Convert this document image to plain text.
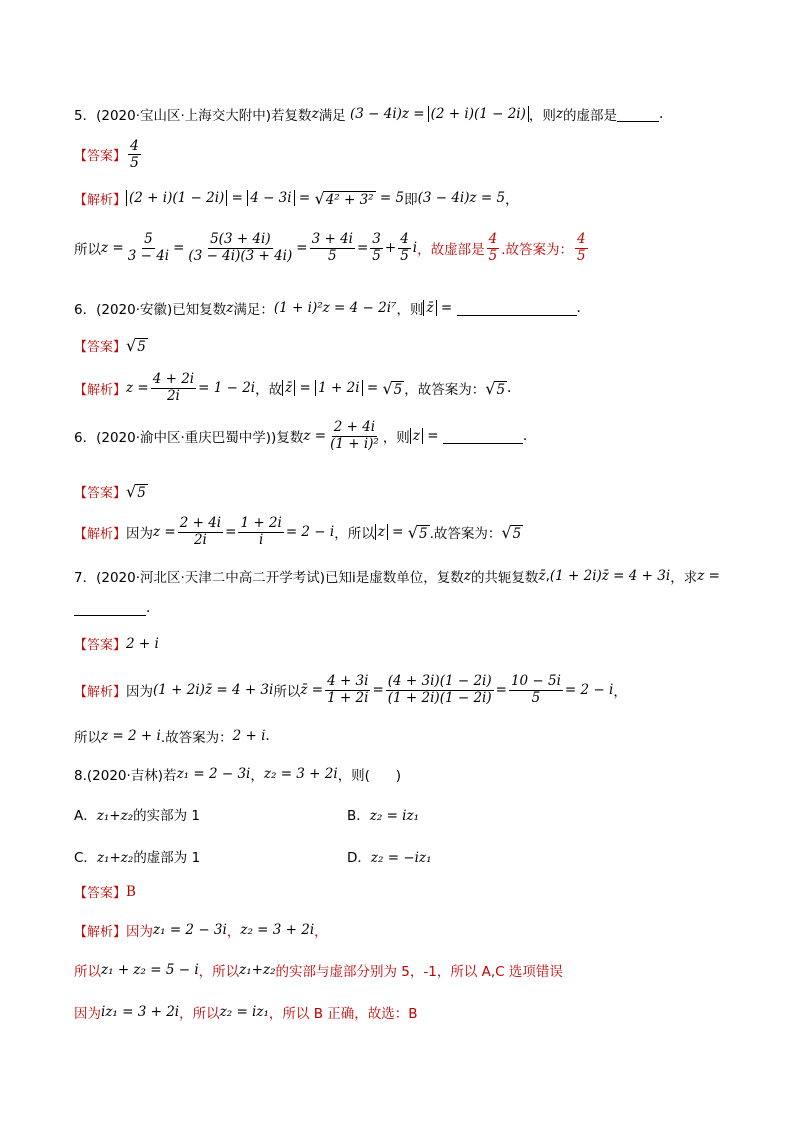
5．(2020·宝山区·上海交大附中)若复数 z 满足 (3 − 4i)z = (2 + i)(1 − 2i) ，则 z 的虚部是	.
【答案】 $\frac{4}{5}$
【解析】 (2 + i)(1 − 2i) = 4 − 3i = √ 4² + 3² = 5 即 (3 − 4i)z = 5 ，
所以 $z = \frac{5}{3 - 4i} = \frac{5(3 + 4i)}{(3 - 4i)(3 + 4i)} = \frac{3 + 4i}{5} = \frac{3}{5} + \frac{4}{5}$ i ，故虚部是 $\frac{4}{5}$ .故答案为： $\frac{4}{5}$
6．(2020·安徽)已知复数 z 满足： (1 + i)²z = 4 − 2i⁷ ，则 z̄ =	.
【答案】 √ 5
【解析】 $z = \frac{4 + 2i}{2i} = 1 - 2i$ ，故 z̄ = 1 + 2i = √ 5 ，故答案为： √ 5 .
6．(2020·渝中区·重庆巴蜀中学))复数 $z = \frac{2 + 4i}{\text{(1 + i)²}}$ ，则 z =	.
【答案】 √ 5
【解析】 因为 $z = \frac{2 + 4i}{2i} = \frac{1 + 2i}{i} = 2 - i$ ，所以 z = √ 5 .故答案为： √ 5
7．(2020·河北区·天津二中高二开学考试)已知i是虚数单位，复数 z 的共轭复数 z̄ , (1 + 2i)z̄ = 4 + 3i ，求 z =
.
【答案】 2 + i
【解析】 因为 (1 + 2i)z̄ = 4 + 3i 所以 z̄ = $\frac{4 + 3i}{1 + 2i} = \frac{(4 + 3i)(1 - 2i)}{(1 + 2i)(1 - 2i)} = \frac{10 - 5i}{5} = 2 - i$ ，
所以 z = 2 + i .故答案为： 2 + i .
8.(2020·吉林)若 z₁ = 2 − 3i ， z₂ = 3 + 2i ，则(      )
A．z₁+z₂的实部为 1	B．z₂ = iz₁
C．z₁+z₂的虚部为 1	D．z₂ = −iz₁
【答案】 B
【解析】 因为 z₁ = 2 − 3i ， z₂ = 3 + 2i ，
所以 z₁ + z₂ = 5 − i ，所以 z₁+z₂ 的实部与虚部分别为 5，-1，所以 A,C 选项错误
因为 iz₁ = 3 + 2i ，所以 z₂ = iz₁ ，所以 B 正确，故选：B
